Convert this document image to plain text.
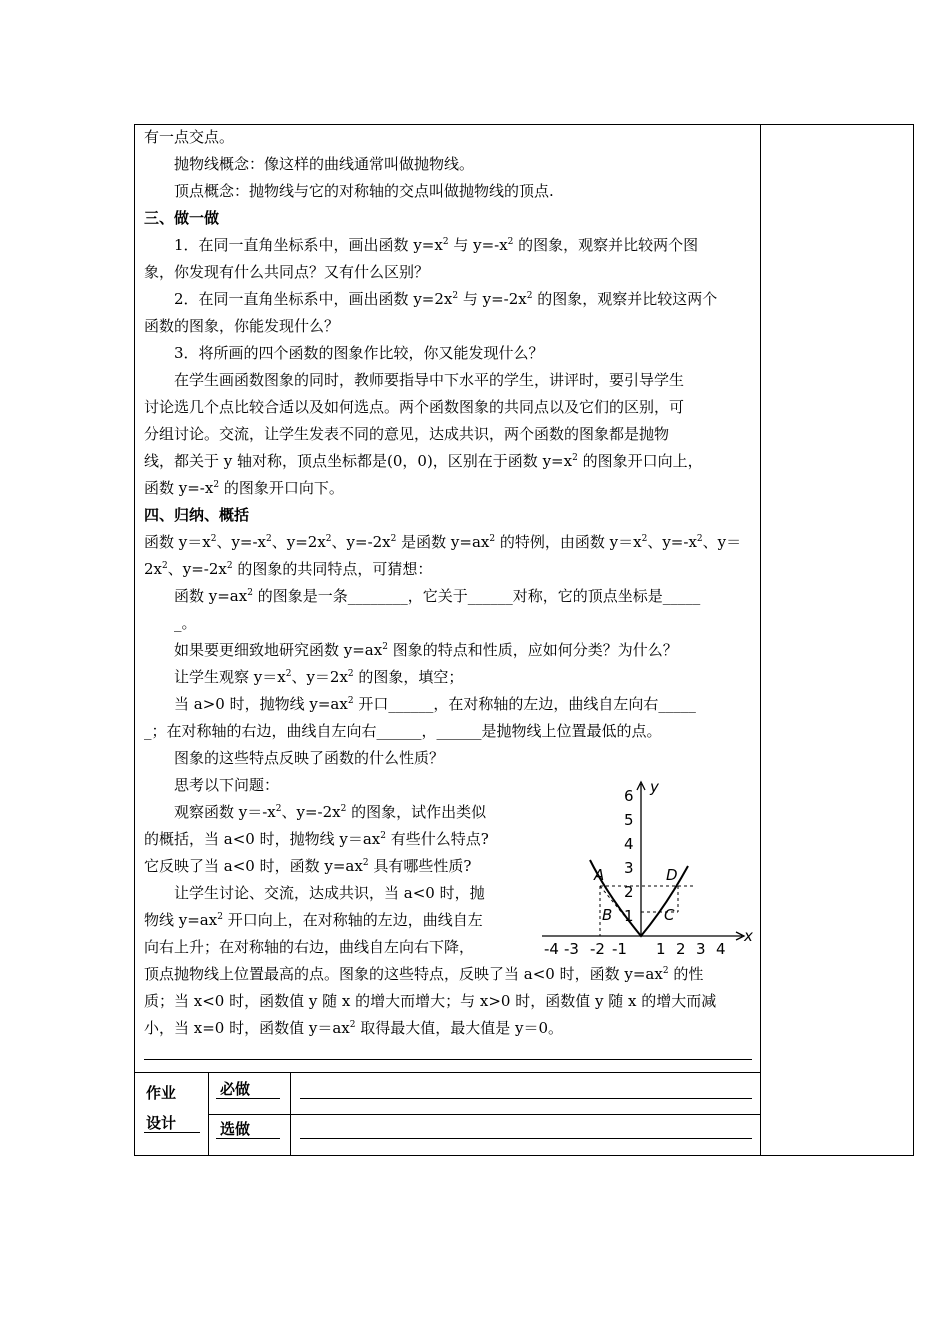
有一点交点。
抛物线概念：像这样的曲线通常叫做抛物线。
顶点概念：抛物线与它的对称轴的交点叫做抛物线的顶点.
三、做一做
1．在同一直角坐标系中，画出函数 $y=x^2$ 与 $y=-x^2$ 的图象，观察并比较两个图
象，你发现有什么共同点？又有什么区别？
2．在同一直角坐标系中，画出函数 $y=2x^2$ 与 $y=-2x^2$ 的图象，观察并比较这两个
函数的图象，你能发现什么？
3．将所画的四个函数的图象作比较，你又能发现什么？
在学生画函数图象的同时，教师要指导中下水平的学生，讲评时，要引导学生
讨论选几个点比较合适以及如何选点。两个函数图象的共同点以及它们的区别，可
分组讨论。交流，让学生发表不同的意见，达成共识，两个函数的图象都是抛物
线，都关于 y 轴对称，顶点坐标都是(0，0)，区别在于函数 $y=x^2$ 的图象开口向上，
函数 $y=-x^2$ 的图象开口向下。
四、归纳、概括
函数 $y=x^2$、$y=-x^2$、$y=2x^2$、$y=-2x^2$ 是函数 $y=ax^2$ 的特例，由函数 $y=x^2$、$y=-x^2$、y＝
$2x^2$、$y=-2x^2$ 的图象的共同特点，可猜想：
函数 $y=ax^2$ 的图象是一条________，它关于______对称，它的顶点坐标是_____
_。
如果要更细致地研究函数 $y=ax^2$ 图象的特点和性质，应如何分类？为什么？
让学生观察 $y=x^2$、$y=2x^2$ 的图象，填空；
当 a>0 时，抛物线 $y=ax^2$ 开口______，在对称轴的左边，曲线自左向右_____
_；在对称轴的右边，曲线自左向右______，______是抛物线上位置最低的点。
图象的这些特点反映了函数的什么性质？
思考以下问题：
观察函数 $y=-x^2$、$y=-2x^2$ 的图象，试作出类似
的概括，当 a<0 时，抛物线 $y=ax^2$ 有些什么特点?
它反映了当 a<0 时，函数 $y=ax^2$ 具有哪些性质?
让学生讨论、交流，达成共识，当 a<0 时，抛
物线 $y=ax^2$ 开口向上，在对称轴的左边，曲线自左
向右上升；在对称轴的右边，曲线自左向右下降，
顶点抛物线上位置最高的点。图象的这些特点，反映了当 a<0 时，函数 $y=ax^2$ 的性
质；当 x<0 时，函数值 y 随 x 的增大而增大；与 x>0 时，函数值 y 随 x 的增大而减
小，当 x=0 时，函数值 $y=ax^2$ 取得最大值，最大值是 y＝0。
y
x
6
5
4
3
2
1
-4 -3 -2 -1 1 2 3 4
A
B	C
D
作业
设计
必做
选做
